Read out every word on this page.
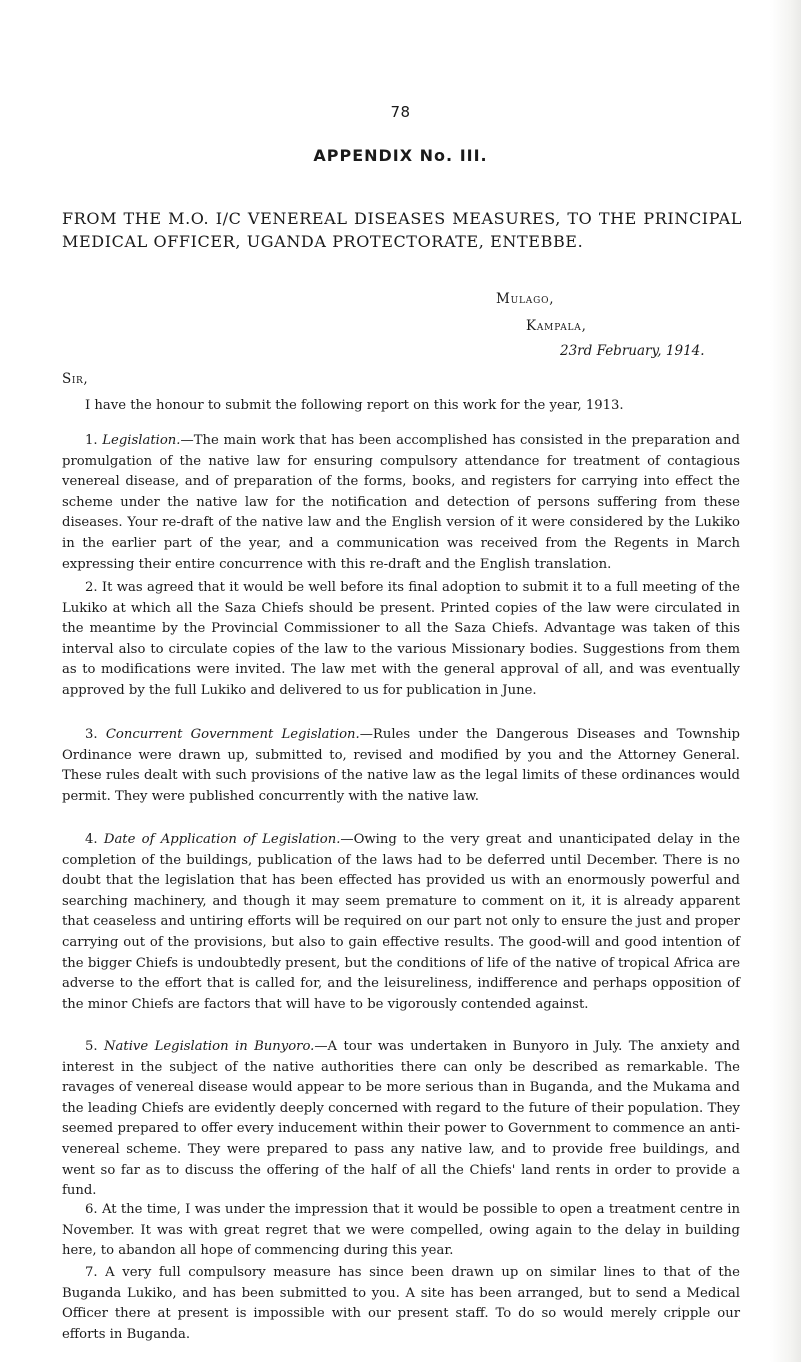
78
APPENDIX No. III.
FROM THE M.O. I/C VENEREAL DISEASES MEASURES, TO THE PRINCIPAL MEDICAL OFFICER, UGANDA PROTECTORATE, ENTEBBE.
Mulago,
Kampala,
23rd February, 1914.
Sir,

I have the honour to submit the following report on this work for the year, 1913.

1. Legislation.—The main work that has been accomplished has consisted in the preparation and promulgation of the native law for ensuring compulsory attendance for treatment of contagious venereal disease, and of preparation of the forms, books, and registers for carrying into effect the scheme under the native law for the notification and detection of persons suffering from these diseases. Your re-draft of the native law and the English version of it were considered by the Lukiko in the earlier part of the year, and a communication was received from the Regents in March expressing their entire concurrence with this re-draft and the English translation.

2. It was agreed that it would be well before its final adoption to submit it to a full meeting of the Lukiko at which all the Saza Chiefs should be present. Printed copies of the law were circulated in the meantime by the Provincial Commissioner to all the Saza Chiefs. Advantage was taken of this interval also to circulate copies of the law to the various Missionary bodies. Suggestions from them as to modifications were invited. The law met with the general approval of all, and was eventually approved by the full Lukiko and delivered to us for publication in June.

3. Concurrent Government Legislation.—Rules under the Dangerous Diseases and Township Ordinance were drawn up, submitted to, revised and modified by you and the Attorney General. These rules dealt with such provisions of the native law as the legal limits of these ordinances would permit. They were published concurrently with the native law.

4. Date of Application of Legislation.—Owing to the very great and unanticipated delay in the completion of the buildings, publication of the laws had to be deferred until December. There is no doubt that the legislation that has been effected has provided us with an enormously powerful and searching machinery, and though it may seem premature to comment on it, it is already apparent that ceaseless and untiring efforts will be required on our part not only to ensure the just and proper carrying out of the provisions, but also to gain effective results. The good-will and good intention of the bigger Chiefs is undoubtedly present, but the conditions of life of the native of tropical Africa are adverse to the effort that is called for, and the leisureliness, indifference and perhaps opposition of the minor Chiefs are factors that will have to be vigorously contended against.

5. Native Legislation in Bunyoro.—A tour was undertaken in Bunyoro in July. The anxiety and interest in the subject of the native authorities there can only be described as remarkable. The ravages of venereal disease would appear to be more serious than in Buganda, and the Mukama and the leading Chiefs are evidently deeply concerned with regard to the future of their population. They seemed prepared to offer every inducement within their power to Government to commence an anti-venereal scheme. They were prepared to pass any native law, and to provide free buildings, and went so far as to discuss the offering of the half of all the Chiefs' land rents in order to provide a fund.

6. At the time, I was under the impression that it would be possible to open a treatment centre in November. It was with great regret that we were compelled, owing again to the delay in building here, to abandon all hope of commencing during this year.

7. A very full compulsory measure has since been drawn up on similar lines to that of the Buganda Lukiko, and has been submitted to you. A site has been arranged, but to send a Medical Officer there at present is impossible with our present staff. To do so would merely cripple our efforts in Buganda.
